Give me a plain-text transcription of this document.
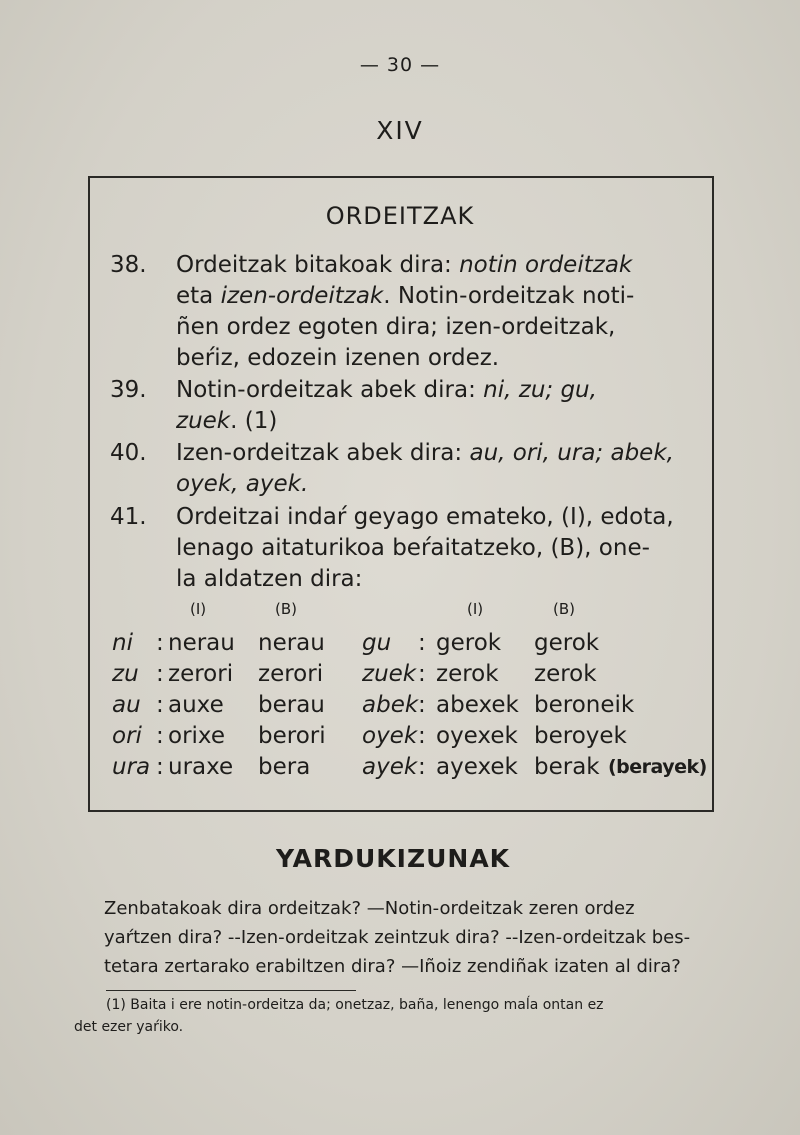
— 30 —
XIV
ORDEITZAK
38.	Ordeitzak bitakoak dira: notin ordeitzak
eta izen-ordeitzak. Notin-ordeitzak noti-
ñen ordez egoten dira; izen-ordeitzak,
beŕiz, edozein izenen ordez.
39.	Notin-ordeitzak abek dira: ni, zu; gu,
zuek. (1)
40.	Izen-ordeitzak abek dira: au, ori, ura; abek,
oyek, ayek.
41.	Ordeitzai indaŕ geyago emateko, (I), edota,
lenago aitaturikoa beŕaitatzeko, (B), one-
la aldatzen dira:
(I)	(B)	(I)	(B)
ni : nerau nerau
zu : zerori zerori
au : auxe berau
ori : orixe berori
ura : uraxe bera
gu : gerok gerok
zuek : zerok zerok
abek : abexek beroneik
oyek : oyexek beroyek
ayek : ayexek berak (berayek)
YARDUKIZUNAK
Zenbatakoak dira ordeitzak? —Notin-ordeitzak zeren ordez
yaŕtzen dira? --Izen-ordeitzak zeintzuk dira? --Izen-ordeitzak bes-
tetara zertarako erabiltzen dira? —Iñoiz zendiñak izaten al dira?
(1) Baita i ere notin-ordeitza da; onetzaz, baña, lenengo maĺa ontan ez
det ezer yaŕiko.
